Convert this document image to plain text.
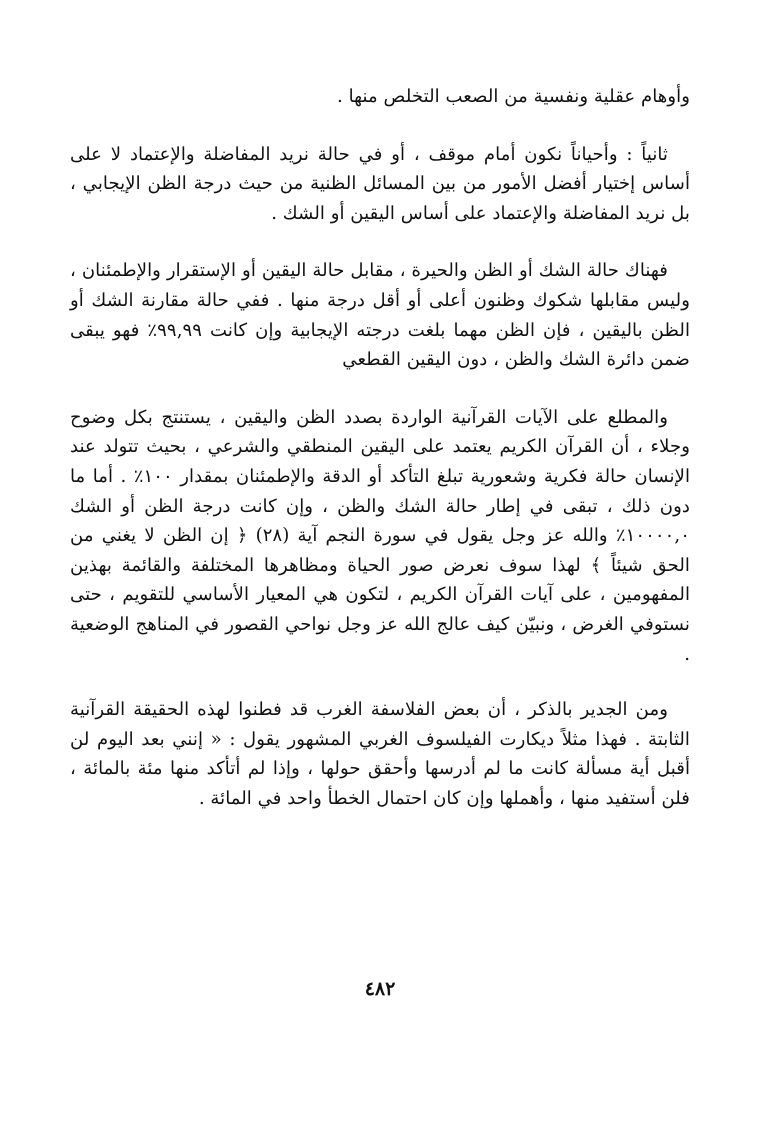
وأوهام عقلية ونفسية من الصعب التخلص منها .

ثانياً : وأحياناً نكون أمام موقف ، أو في حالة نريد المفاضلة والإعتماد لا على أساس إختيار أفضل الأمور من بين المسائل الظنية من حيث درجة الظن الإيجابي ، بل نريد المفاضلة والإعتماد على أساس اليقين أو الشك .

فهناك حالة الشك أو الظن والحيرة ، مقابل حالة اليقين أو الإستقرار والإطمئنان ، وليس مقابلها شكوك وظنون أعلى أو أقل درجة منها . ففي حالة مقارنة الشك أو الظن باليقين ، فإن الظن مهما بلغت درجته الإيجابية وإن كانت ٩٩,٩٩٪ فهو يبقى ضمن دائرة الشك والظن ، دون اليقين القطعي

والمطلع على الآيات القرآنية الواردة بصدد الظن واليقين ، يستنتج بكل وضوح وجلاء ، أن القرآن الكريم يعتمد على اليقين المنطقي والشرعي ، بحيث تتولد عند الإنسان حالة فكرية وشعورية تبلغ التأكد أو الدقة والإطمئنان بمقدار ١٠٠٪ . أما ما دون ذلك ، تبقى في إطار حالة الشك والظن ، وإن كانت درجة الظن أو الشك ١٠٠٠٠,٠٪ والله عز وجل يقول في سورة النجم آية (٢٨) ﴿ إن الظن لا يغني من الحق شيئاً ﴾ لهذا سوف نعرض صور الحياة ومظاهرها المختلفة والقائمة بهذين المفهومين ، على آيات القرآن الكريم ، لتكون هي المعيار الأساسي للتقويم ، حتى نستوفي الغرض ، ونبيّن كيف عالج الله عز وجل نواحي القصور في المناهج الوضعية .

ومن الجدير بالذكر ، أن بعض الفلاسفة الغرب قد فطنوا لهذه الحقيقة القرآنية الثابتة . فهذا مثلاً ديكارت الفيلسوف الغربي المشهور يقول : « إنني بعد اليوم لن أقبل أية مسألة كانت ما لم أدرسها وأحقق حولها ، وإذا لم أتأكد منها مئة بالمائة ، فلن أستفيد منها ، وأهملها وإن كان احتمال الخطأ واحد في المائة .

٤٨٢
